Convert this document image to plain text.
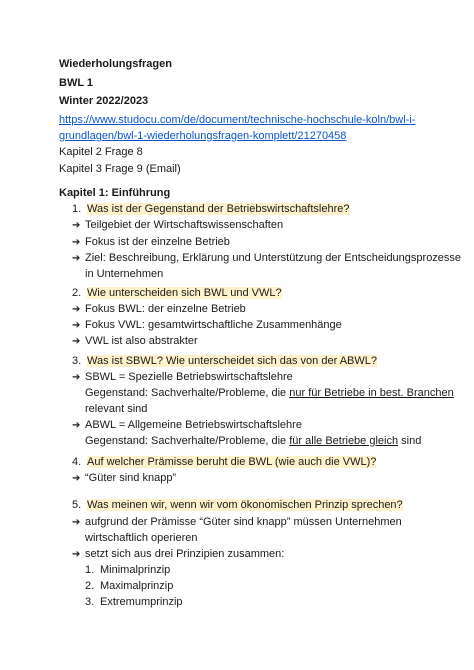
Wiederholungsfragen
BWL 1
Winter 2022/2023
https://www.studocu.com/de/document/technische-hochschule-koln/bwl-i-
grundlagen/bwl-1-wiederholungsfragen-komplett/21270458
Kapitel 2 Frage 8
Kapitel 3 Frage 9 (Email)
Kapitel 1: Einführung
1. Was ist der Gegenstand der Betriebswirtschaftslehre?
➔ Teilgebiet der Wirtschaftswissenschaften
➔ Fokus ist der einzelne Betrieb
➔ Ziel: Beschreibung, Erklärung und Unterstützung der Entscheidungsprozesse
in Unternehmen
2. Wie unterscheiden sich BWL und VWL?
➔ Fokus BWL: der einzelne Betrieb
➔ Fokus VWL: gesamtwirtschaftliche Zusammenhänge
➔ VWL ist also abstrakter
3. Was ist SBWL? Wie unterscheidet sich das von der ABWL?
➔ SBWL = Spezielle Betriebswirtschaftslehre
Gegenstand: Sachverhalte/Probleme, die nur für Betriebe in best. Branchen
relevant sind
➔ ABWL = Allgemeine Betriebswirtschaftslehre
Gegenstand: Sachverhalte/Probleme, die für alle Betriebe gleich sind
4. Auf welcher Prämisse beruht die BWL (wie auch die VWL)?
➔ “Güter sind knapp”
5. Was meinen wir, wenn wir vom ökonomischen Prinzip sprechen?
➔ aufgrund der Prämisse “Güter sind knapp” müssen Unternehmen
wirtschaftlich operieren
➔ setzt sich aus drei Prinzipien zusammen:
1. Minimalprinzip
2. Maximalprinzip
3. Extremumprinzip
